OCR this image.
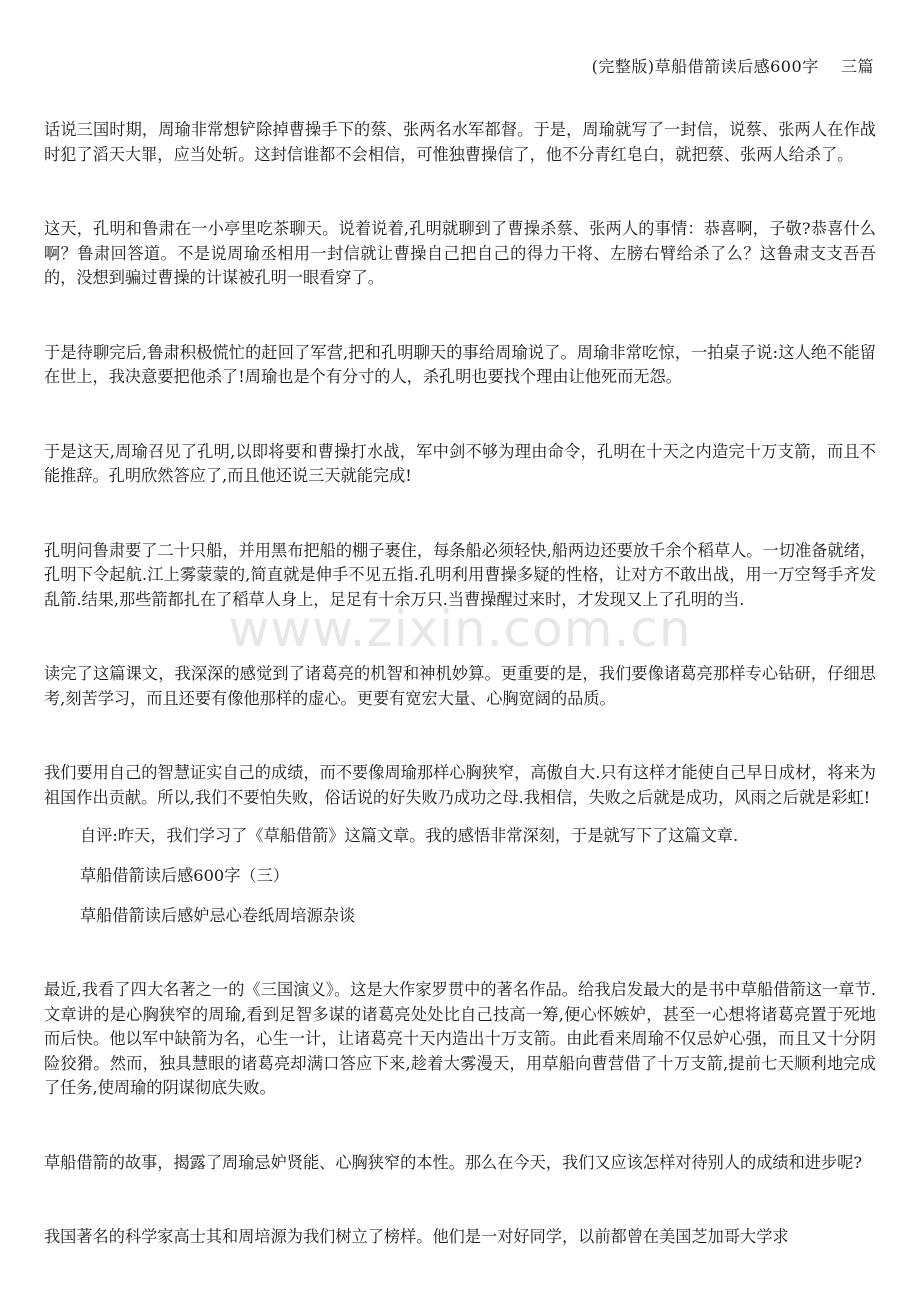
(完整版)草船借箭读后感600字    三篇
www.zixin.com.cn

话说三国时期，周瑜非常想铲除掉曹操手下的蔡、张两名水军都督。于是，周瑜就写了一封信，说蔡、张两人在作战时犯了滔天大罪，应当处斩。这封信谁都不会相信，可惟独曹操信了，他不分青红皂白，就把蔡、张两人给杀了。

这天，孔明和鲁肃在一小亭里吃茶聊天。说着说着,孔明就聊到了曹操杀蔡、张两人的事情：恭喜啊，子敬?恭喜什么啊？鲁肃回答道。不是说周瑜丞相用一封信就让曹操自己把自己的得力干将、左膀右臂给杀了么？这鲁肃支支吾吾的，没想到骗过曹操的计谋被孔明一眼看穿了。

于是待聊完后,鲁肃积极慌忙的赶回了军营,把和孔明聊天的事给周瑜说了。周瑜非常吃惊，一拍桌子说:这人绝不能留在世上，我决意要把他杀了!周瑜也是个有分寸的人，杀孔明也要找个理由让他死而无怨。

于是这天,周瑜召见了孔明,以即将要和曹操打水战，军中剑不够为理由命令，孔明在十天之内造完十万支箭，而且不能推辞。孔明欣然答应了,而且他还说三天就能完成!

孔明问鲁肃要了二十只船，并用黑布把船的棚子裹住，每条船必须轻快,船两边还要放千余个稻草人。一切准备就绪，孔明下令起航.江上雾蒙蒙的,简直就是伸手不见五指.孔明利用曹操多疑的性格，让对方不敢出战，用一万空弩手齐发乱箭.结果,那些箭都扎在了稻草人身上，足足有十余万只.当曹操醒过来时，才发现又上了孔明的当.

读完了这篇课文，我深深的感觉到了诸葛亮的机智和神机妙算。更重要的是，我们要像诸葛亮那样专心钻研，仔细思考,刻苦学习，而且还要有像他那样的虚心。更要有宽宏大量、心胸宽阔的品质。

我们要用自己的智慧证实自己的成绩，而不要像周瑜那样心胸狭窄，高傲自大.只有这样才能使自己早日成材，将来为祖国作出贡献。所以,我们不要怕失败，俗话说的好失败乃成功之母.我相信，失败之后就是成功，风雨之后就是彩虹!

自评:昨天，我们学习了《草船借箭》这篇文章。我的感悟非常深刻，于是就写下了这篇文章.

草船借箭读后感600字（三）

草船借箭读后感妒忌心卷纸周培源杂谈

最近,我看了四大名著之一的《三国演义》。这是大作家罗贯中的著名作品。给我启发最大的是书中草船借箭这一章节.文章讲的是心胸狭窄的周瑜,看到足智多谋的诸葛亮处处比自己技高一筹,便心怀嫉妒，甚至一心想将诸葛亮置于死地而后快。他以军中缺箭为名，心生一计，让诸葛亮十天内造出十万支箭。由此看来周瑜不仅忌妒心强，而且又十分阴险狡猾。然而，独具慧眼的诸葛亮却满口答应下来,趁着大雾漫天，用草船向曹营借了十万支箭,提前七天顺利地完成了任务,使周瑜的阴谋彻底失败。

草船借箭的故事，揭露了周瑜忌妒贤能、心胸狭窄的本性。那么在今天，我们又应该怎样对待别人的成绩和进步呢?

我国著名的科学家高士其和周培源为我们树立了榜样。他们是一对好同学，以前都曾在美国芝加哥大学求
